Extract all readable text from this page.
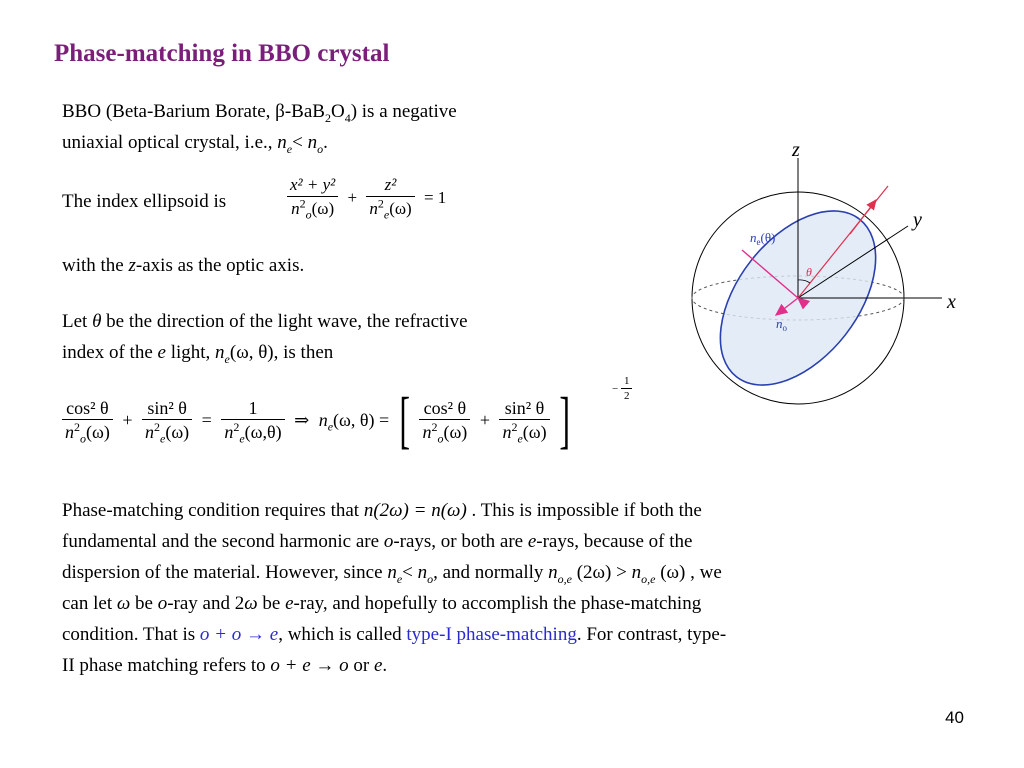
Phase-matching in BBO crystal
BBO (Beta-Barium Borate, $\beta-BaB_2O_4$) is a negative
uniaxial optical crystal, i.e., $n_e< n_o$.
The index ellipsoid is	$\frac{\text{x² + y²}}{n^2_o(\omega)} + \frac{\text{z²}}{n^2_e(\omega)} = 1$
with the z-axis as the optic axis.
Let θ be the direction of the light wave, the refractive
index of the e light, $n_e(\omega$, θ), is then
$\frac{\text{cos² θ}}{n^2_o(\omega)} + \frac{\text{sin² θ}}{n^2_e(\omega)} = \frac{1}{n^2_e(\omega,\theta)}$ ⇒ $n_e(\omega$, θ) = [ $\frac{\text{cos² θ}}{n^2_o(\omega)} + \frac{\text{sin² θ}}{n^2_e(\omega)}$ ]	− $\frac{1}{2}$
Phase-matching condition requires that n(2ω) = n(ω) . This is impossible if both the
fundamental and the second harmonic are o-rays, or both are e-rays, because of the
dispersion of the material. However, since $n_e< n_o$, and normally $n_{o,e}$ $(2\omega) > n_{o,e}$ (ω) , we
can let ω be o-ray and 2ω be e-ray, and hopefully to accomplish the phase-matching
condition. That is o + o → e, which is called type-I phase-matching. For contrast, type-
II phase matching refers to o + e → o or e.
z
y
x
$n_e(\theta)$
θ
$n_o$
40
